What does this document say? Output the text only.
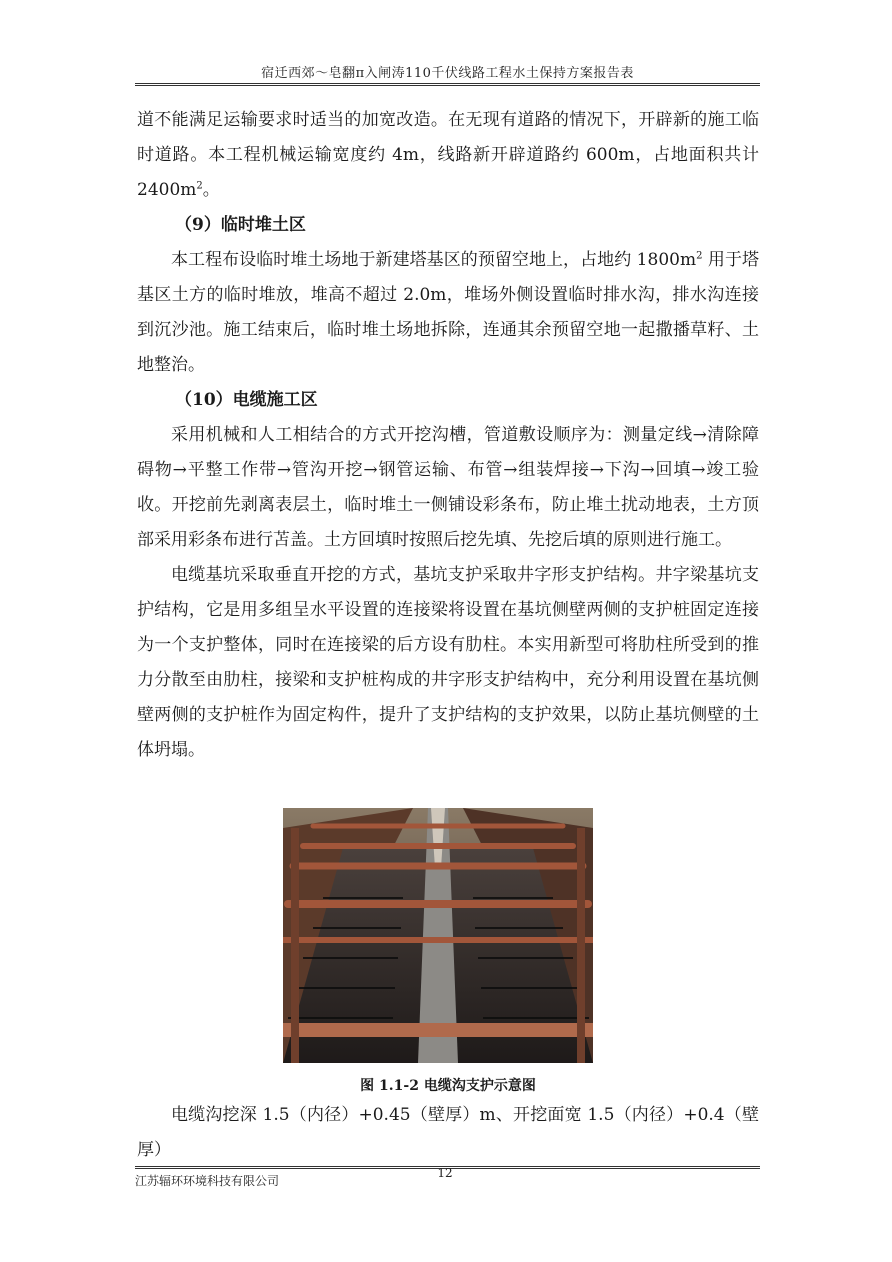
宿迁西郊～皂翻π入闸涛110千伏线路工程水土保持方案报告表

道不能满足运输要求时适当的加宽改造。在无现有道路的情况下，开辟新的施工临时道路。本工程机械运输宽度约 4m，线路新开辟道路约 600m，占地面积共计 $2400m^2$。

（9）临时堆土区

本工程布设临时堆土场地于新建塔基区的预留空地上，占地约 $1800m^2$ 用于塔基区土方的临时堆放，堆高不超过 2.0m，堆场外侧设置临时排水沟，排水沟连接到沉沙池。施工结束后，临时堆土场地拆除，连通其余预留空地一起撒播草籽、土地整治。

（10）电缆施工区

采用机械和人工相结合的方式开挖沟槽，管道敷设顺序为：测量定线→清除障碍物→平整工作带→管沟开挖→钢管运输、布管→组装焊接→下沟→回填→竣工验收。开挖前先剥离表层土，临时堆土一侧铺设彩条布，防止堆土扰动地表，土方顶部采用彩条布进行苫盖。土方回填时按照后挖先填、先挖后填的原则进行施工。

电缆基坑采取垂直开挖的方式，基坑支护采取井字形支护结构。井字梁基坑支护结构，它是用多组呈水平设置的连接梁将设置在基坑侧壁两侧的支护桩固定连接为一个支护整体，同时在连接梁的后方设有肋柱。本实用新型可将肋柱所受到的推力分散至由肋柱，接梁和支护桩构成的井字形支护结构中，充分利用设置在基坑侧壁两侧的支护桩作为固定构件，提升了支护结构的支护效果，以防止基坑侧壁的土体坍塌。

图 1.1-2 电缆沟支护示意图

电缆沟挖深 1.5（内径）+0.45（壁厚）m、开挖面宽 1.5（内径）+0.4（壁厚）

江苏辐环环境科技有限公司
12
